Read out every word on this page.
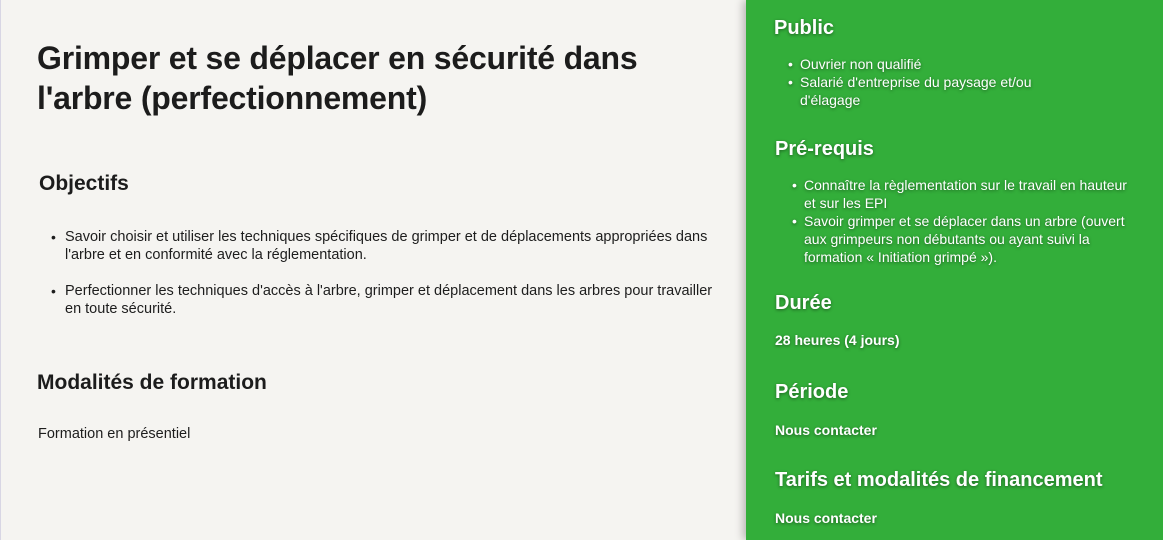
Grimper et se déplacer en sécurité dans l'arbre (perfectionnement)
Objectifs
• Savoir choisir et utiliser les techniques spécifiques de grimper et de déplacements appropriées dans l'arbre et en conformité avec la réglementation.
• Perfectionner les techniques d'accès à l'arbre, grimper et déplacement dans les arbres pour travailler en toute sécurité.
Modalités de formation

Formation en présentiel

Public
• Ouvrier non qualifié
• Salarié d'entreprise du paysage et/ou d'élagage
Pré-requis
• Connaître la règlementation sur le travail en hauteur et sur les EPI
• Savoir grimper et se déplacer dans un arbre (ouvert aux grimpeurs non débutants ou ayant suivi la formation « Initiation grimpé »).
Durée

28 heures (4 jours)

Période

Nous contacter

Tarifs et modalités de financement

Nous contacter
